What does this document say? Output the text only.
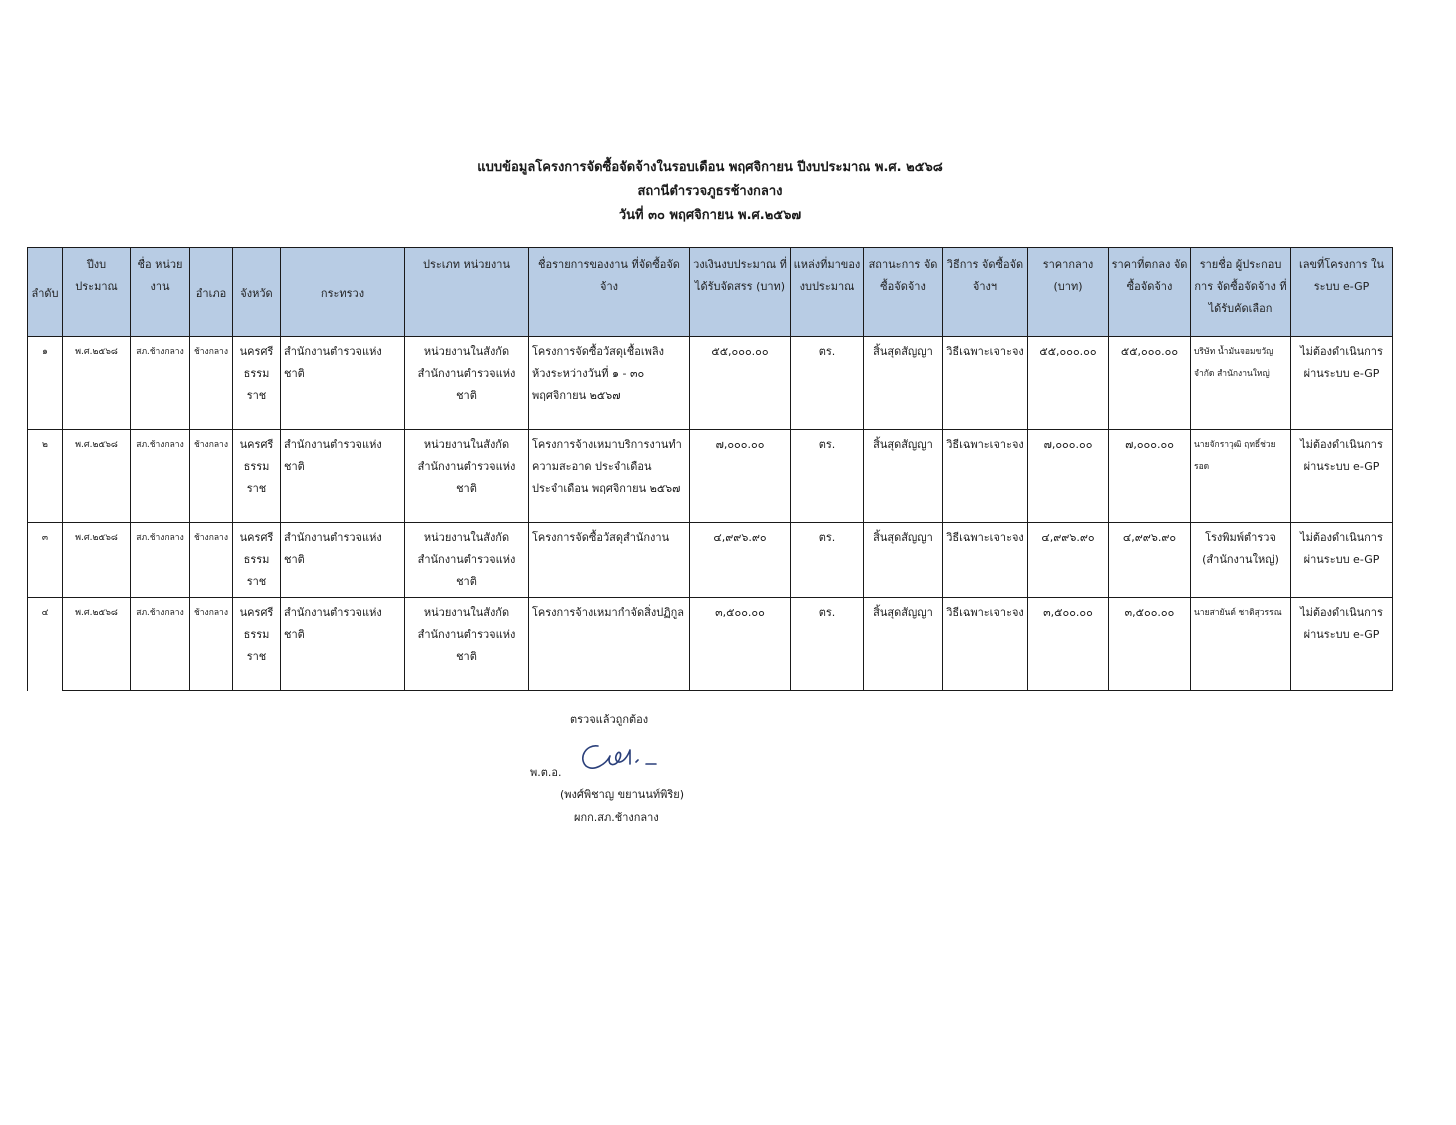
แบบข้อมูลโครงการจัดซื้อจัดจ้างในรอบเดือน พฤศจิกายน ปีงบประมาณ พ.ศ. ๒๕๖๘
สถานีตำรวจภูธรช้างกลาง
วันที่ ๓๐ พฤศจิกายน พ.ศ.๒๕๖๗
ลำดับ	ปีงบ ประมาณ	ชื่อ หน่วยงาน	อำเภอ	จังหวัด	กระทรวง	ประเภท หน่วยงาน	ชื่อรายการของงาน ที่จัดซื้อจัดจ้าง	วงเงินงบประมาณ ที่ได้รับจัดสรร (บาท)	แหล่งที่มาของ งบประมาณ	สถานะการ จัดซื้อจัดจ้าง	วิธีการ จัดซื้อจัดจ้างฯ	ราคากลาง (บาท)	ราคาที่ตกลง จัดซื้อจัดจ้าง	รายชื่อ ผู้ประกอบการ จัดซื้อจัดจ้าง ที่ได้รับคัดเลือก	เลขที่โครงการ ในระบบ e-GP
๑	พ.ศ.๒๕๖๘	สภ.ช้างกลาง	ช้างกลาง	นครศรี ธรรมราช	สำนักงานตำรวจแห่งชาติ	หน่วยงานในสังกัด สำนักงานตำรวจแห่งชาติ	โครงการจัดซื้อวัสดุเชื้อเพลิง ห้วงระหว่างวันที่ ๑ - ๓๐ พฤศจิกายน ๒๕๖๗	๕๕,๐๐๐.๐๐	ตร.	สิ้นสุดสัญญา	วิธีเฉพาะเจาะจง	๕๕,๐๐๐.๐๐	๕๕,๐๐๐.๐๐	บริษัท น้ำมันจอมขวัญ จำกัด สำนักงานใหญ่	ไม่ต้องดำเนินการ ผ่านระบบ e-GP
๒	พ.ศ.๒๕๖๘	สภ.ช้างกลาง	ช้างกลาง	นครศรี ธรรมราช	สำนักงานตำรวจแห่งชาติ	หน่วยงานในสังกัด สำนักงานตำรวจแห่งชาติ	โครงการจ้างเหมาบริการงานทำ ความสะอาด ประจำเดือน ประจำเดือน พฤศจิกายน ๒๕๖๗	๗,๐๐๐.๐๐	ตร.	สิ้นสุดสัญญา	วิธีเฉพาะเจาะจง	๗,๐๐๐.๐๐	๗,๐๐๐.๐๐	นายจักราวุฒิ ฤทธิ์ช่วยรอด	ไม่ต้องดำเนินการ ผ่านระบบ e-GP
๓	พ.ศ.๒๕๖๘	สภ.ช้างกลาง	ช้างกลาง	นครศรี ธรรมราช	สำนักงานตำรวจแห่งชาติ	หน่วยงานในสังกัด สำนักงานตำรวจแห่งชาติ	โครงการจัดซื้อวัสดุสำนักงาน	๔,๙๙๖.๙๐	ตร.	สิ้นสุดสัญญา	วิธีเฉพาะเจาะจง	๔,๙๙๖.๙๐	๔,๙๙๖.๙๐	โรงพิมพ์ตำรวจ (สำนักงานใหญ่)	ไม่ต้องดำเนินการ ผ่านระบบ e-GP
๔	พ.ศ.๒๕๖๘	สภ.ช้างกลาง	ช้างกลาง	นครศรี ธรรมราช	สำนักงานตำรวจแห่งชาติ	หน่วยงานในสังกัด สำนักงานตำรวจแห่งชาติ	โครงการจ้างเหมากำจัดสิ่งปฏิกูล	๓,๕๐๐.๐๐	ตร.	สิ้นสุดสัญญา	วิธีเฉพาะเจาะจง	๓,๕๐๐.๐๐	๓,๕๐๐.๐๐	นายสายันต์ ชาติสุวรรณ	ไม่ต้องดำเนินการ ผ่านระบบ e-GP
ตรวจแล้วถูกต้อง
พ.ต.อ.
(พงศ์พิชาญ ขยานนท์พิริย)
ผกก.สภ.ช้างกลาง
